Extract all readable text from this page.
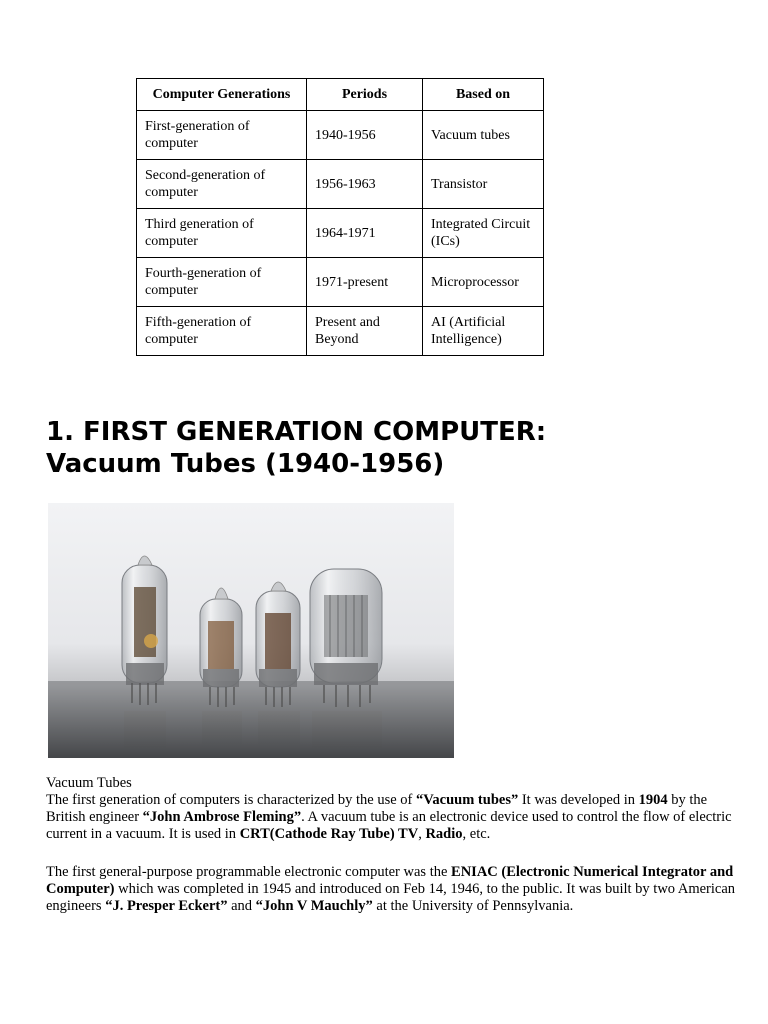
Computer Generations	Periods	Based on
First-generation of computer	1940-1956	Vacuum tubes
Second-generation of computer	1956-1963	Transistor
Third generation of computer	1964-1971	Integrated Circuit (ICs)
Fourth-generation of computer	1971-present	Microprocessor
Fifth-generation of computer	Present and Beyond	AI (Artificial Intelligence)
1. FIRST GENERATION COMPUTER:
Vacuum Tubes (1940-1956)
Vacuum Tubes

The first generation of computers is characterized by the use of “Vacuum tubes” It was developed in 1904 by the British engineer “John Ambrose Fleming”. A vacuum tube is an electronic device used to control the flow of electric current in a vacuum. It is used in CRT(Cathode Ray Tube) TV, Radio, etc.

The first general-purpose programmable electronic computer was the ENIAC (Electronic Numerical Integrator and Computer) which was completed in 1945 and introduced on Feb 14, 1946, to the public. It was built by two American engineers “J. Presper Eckert” and “John V Mauchly” at the University of Pennsylvania.
